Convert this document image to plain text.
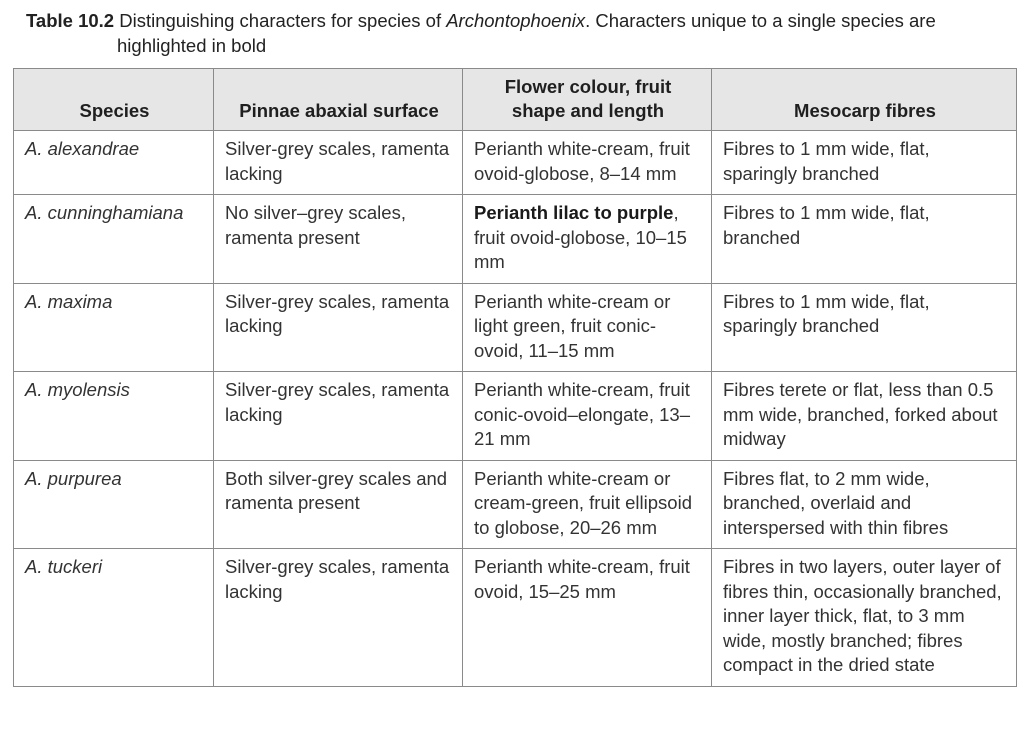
Table 10.2 Distinguishing characters for species of Archontophoenix. Characters unique to a single species are
highlighted in bold
Species	Pinnae abaxial surface	Flower colour, fruit
shape and length	Mesocarp fibres
A. alexandrae	Silver-grey scales, ramenta lacking	Perianth white-cream, fruit ovoid-globose, 8–14 mm	Fibres to 1 mm wide, flat, sparingly branched
A. cunninghamiana	No silver–grey scales, ramenta present	Perianth lilac to purple, fruit ovoid-globose, 10–15 mm	Fibres to 1 mm wide, flat, branched
A. maxima	Silver-grey scales, ramenta lacking	Perianth white-cream or light green, fruit conic-ovoid, 11–15 mm	Fibres to 1 mm wide, flat, sparingly branched
A. myolensis	Silver-grey scales, ramenta lacking	Perianth white-cream, fruit conic-ovoid–elongate, 13–21 mm	Fibres terete or flat, less than 0.5 mm wide, branched, forked about midway
A. purpurea	Both silver-grey scales and ramenta present	Perianth white-cream or cream-green, fruit ellipsoid to globose, 20–26 mm	Fibres flat, to 2 mm wide, branched, overlaid and interspersed with thin fibres
A. tuckeri	Silver-grey scales, ramenta lacking	Perianth white-cream, fruit ovoid, 15–25 mm	Fibres in two layers, outer layer of fibres thin, occasionally branched, inner layer thick, flat, to 3 mm wide, mostly branched; fibres compact in the dried state
